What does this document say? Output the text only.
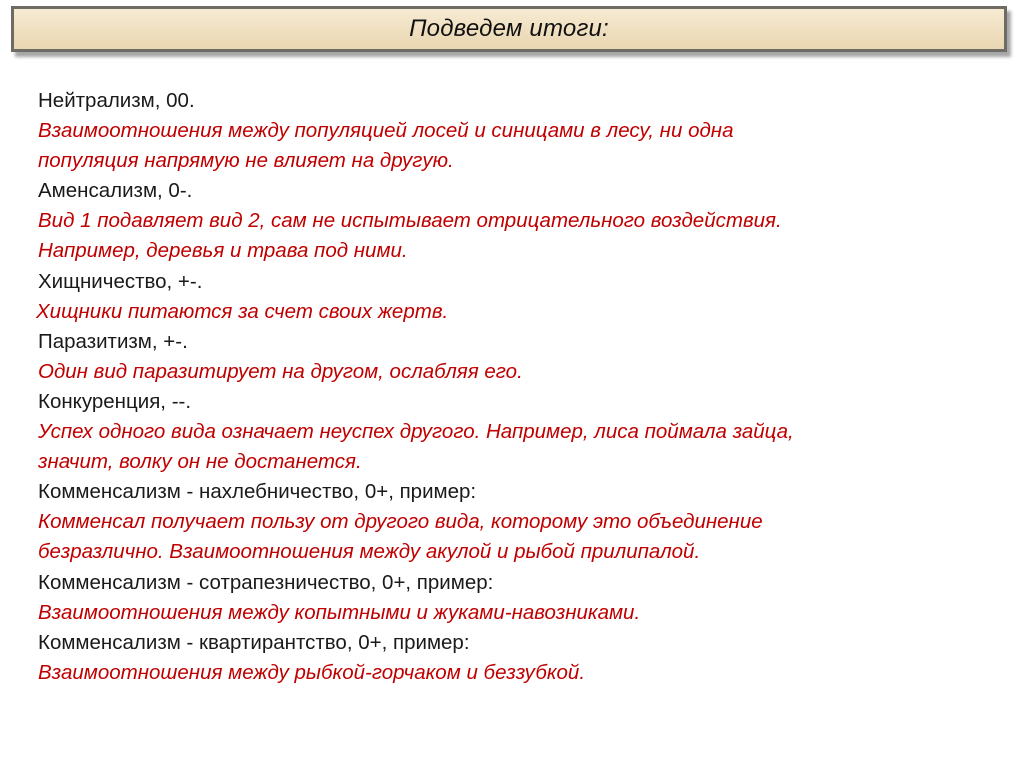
Подведем итоги:
Нейтрализм, 00.
Взаимоотношения между популяцией лосей и синицами в лесу, ни одна
популяция напрямую не влияет на другую.
Аменсализм, 0-.
Вид 1 подавляет вид 2, сам не испытывает отрицательного воздействия.
Например, деревья и трава под ними.
Хищничество, +-.
Хищники питаются за счет своих жертв.
Паразитизм, +-.
Один вид паразитирует на другом, ослабляя его.
Конкуренция, --.
Успех одного вида означает неуспех другого. Например, лиса поймала зайца,
значит, волку он не достанется.
Комменсализм - нахлебничество, 0+, пример:
Комменсал получает пользу от другого вида, которому это объединение
безразлично. Взаимоотношения между акулой и рыбой прилипалой.
Комменсализм - сотрапезничество, 0+, пример:
Взаимоотношения между копытными и жуками-навозниками.
Комменсализм - квартирантство, 0+, пример:
Взаимоотношения между рыбкой-горчаком и беззубкой.
